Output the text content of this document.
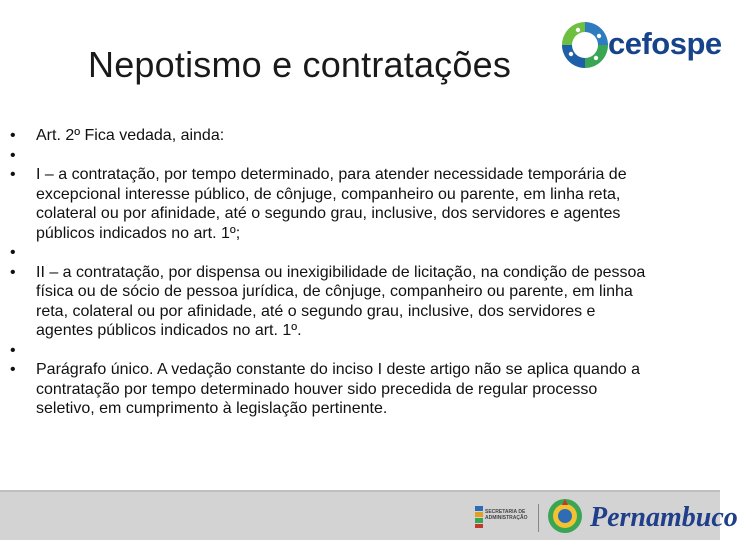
Nepotismo e contratações
cefospe
•	Art. 2º Fica vedada, ainda:
•
•	I – a contratação, por tempo determinado, para atender necessidade temporária de excepcional interesse público, de cônjuge, companheiro ou parente, em linha reta, colateral ou por afinidade, até o segundo grau, inclusive, dos servidores e agentes públicos indicados no art. 1º;
•
•	II – a contratação, por dispensa ou inexigibilidade de licitação, na condição de pessoa física ou de sócio de pessoa jurídica, de cônjuge, companheiro ou parente, em linha reta, colateral ou por afinidade, até o segundo grau, inclusive, dos servidores e agentes públicos indicados no art. 1º.
•
•	Parágrafo único. A vedação constante do inciso I deste artigo não se aplica quando a contratação por tempo determinado houver sido precedida de regular processo seletivo, em cumprimento à legislação pertinente.
SECRETARIA DE ADMINISTRAÇÃO Pernambuco
